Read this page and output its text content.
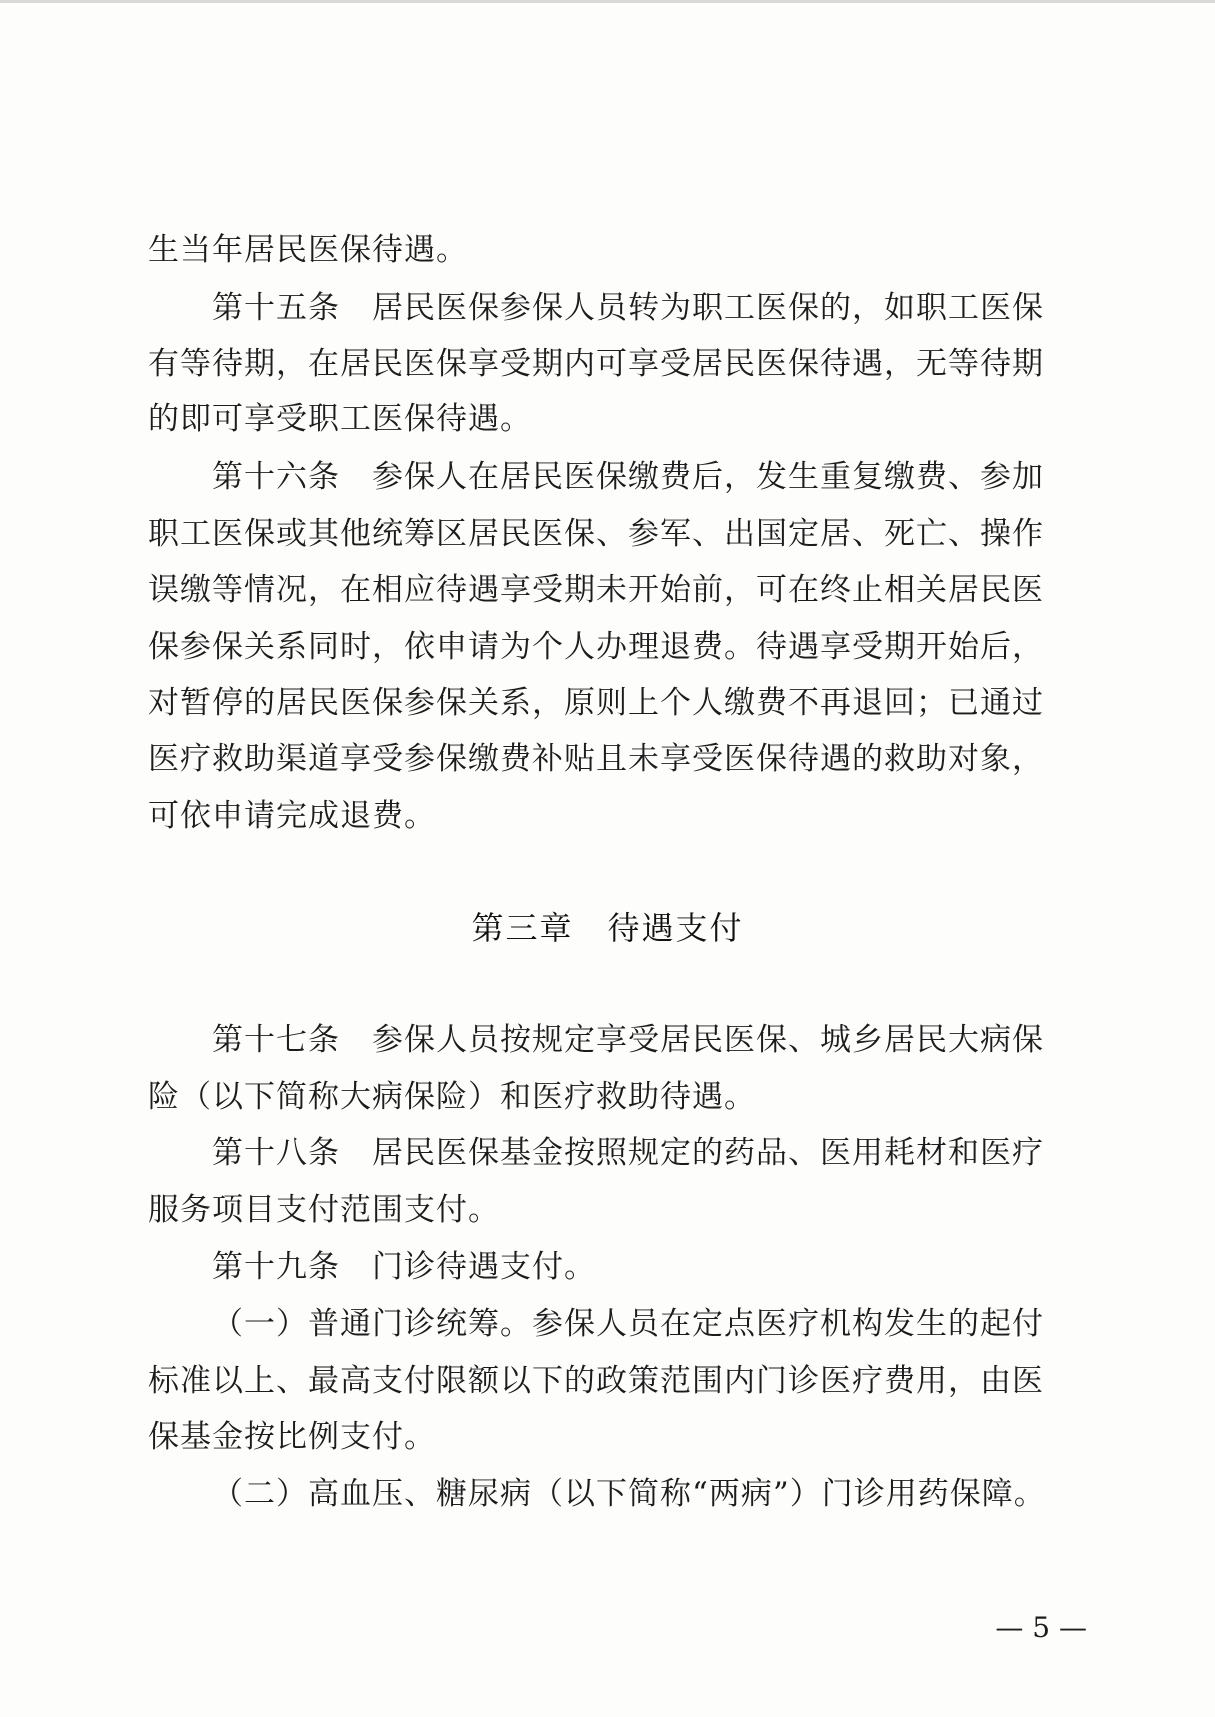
生当年居民医保待遇。
第十五条　居民医保参保人员转为职工医保的，如职工医保
有等待期，在居民医保享受期内可享受居民医保待遇，无等待期
的即可享受职工医保待遇。
第十六条　参保人在居民医保缴费后，发生重复缴费、参加
职工医保或其他统筹区居民医保、参军、出国定居、死亡、操作
误缴等情况，在相应待遇享受期未开始前，可在终止相关居民医
保参保关系同时，依申请为个人办理退费。待遇享受期开始后，
对暂停的居民医保参保关系，原则上个人缴费不再退回；已通过
医疗救助渠道享受参保缴费补贴且未享受医保待遇的救助对象，
可依申请完成退费。
第三章　待遇支付
第十七条　参保人员按规定享受居民医保、城乡居民大病保
险（以下简称大病保险）和医疗救助待遇。
第十八条　居民医保基金按照规定的药品、医用耗材和医疗
服务项目支付范围支付。
第十九条　门诊待遇支付。
（一）普通门诊统筹。参保人员在定点医疗机构发生的起付
标准以上、最高支付限额以下的政策范围内门诊医疗费用，由医
保基金按比例支付。
（二）高血压、糖尿病（以下简称“两病”）门诊用药保障。
— 5 —
